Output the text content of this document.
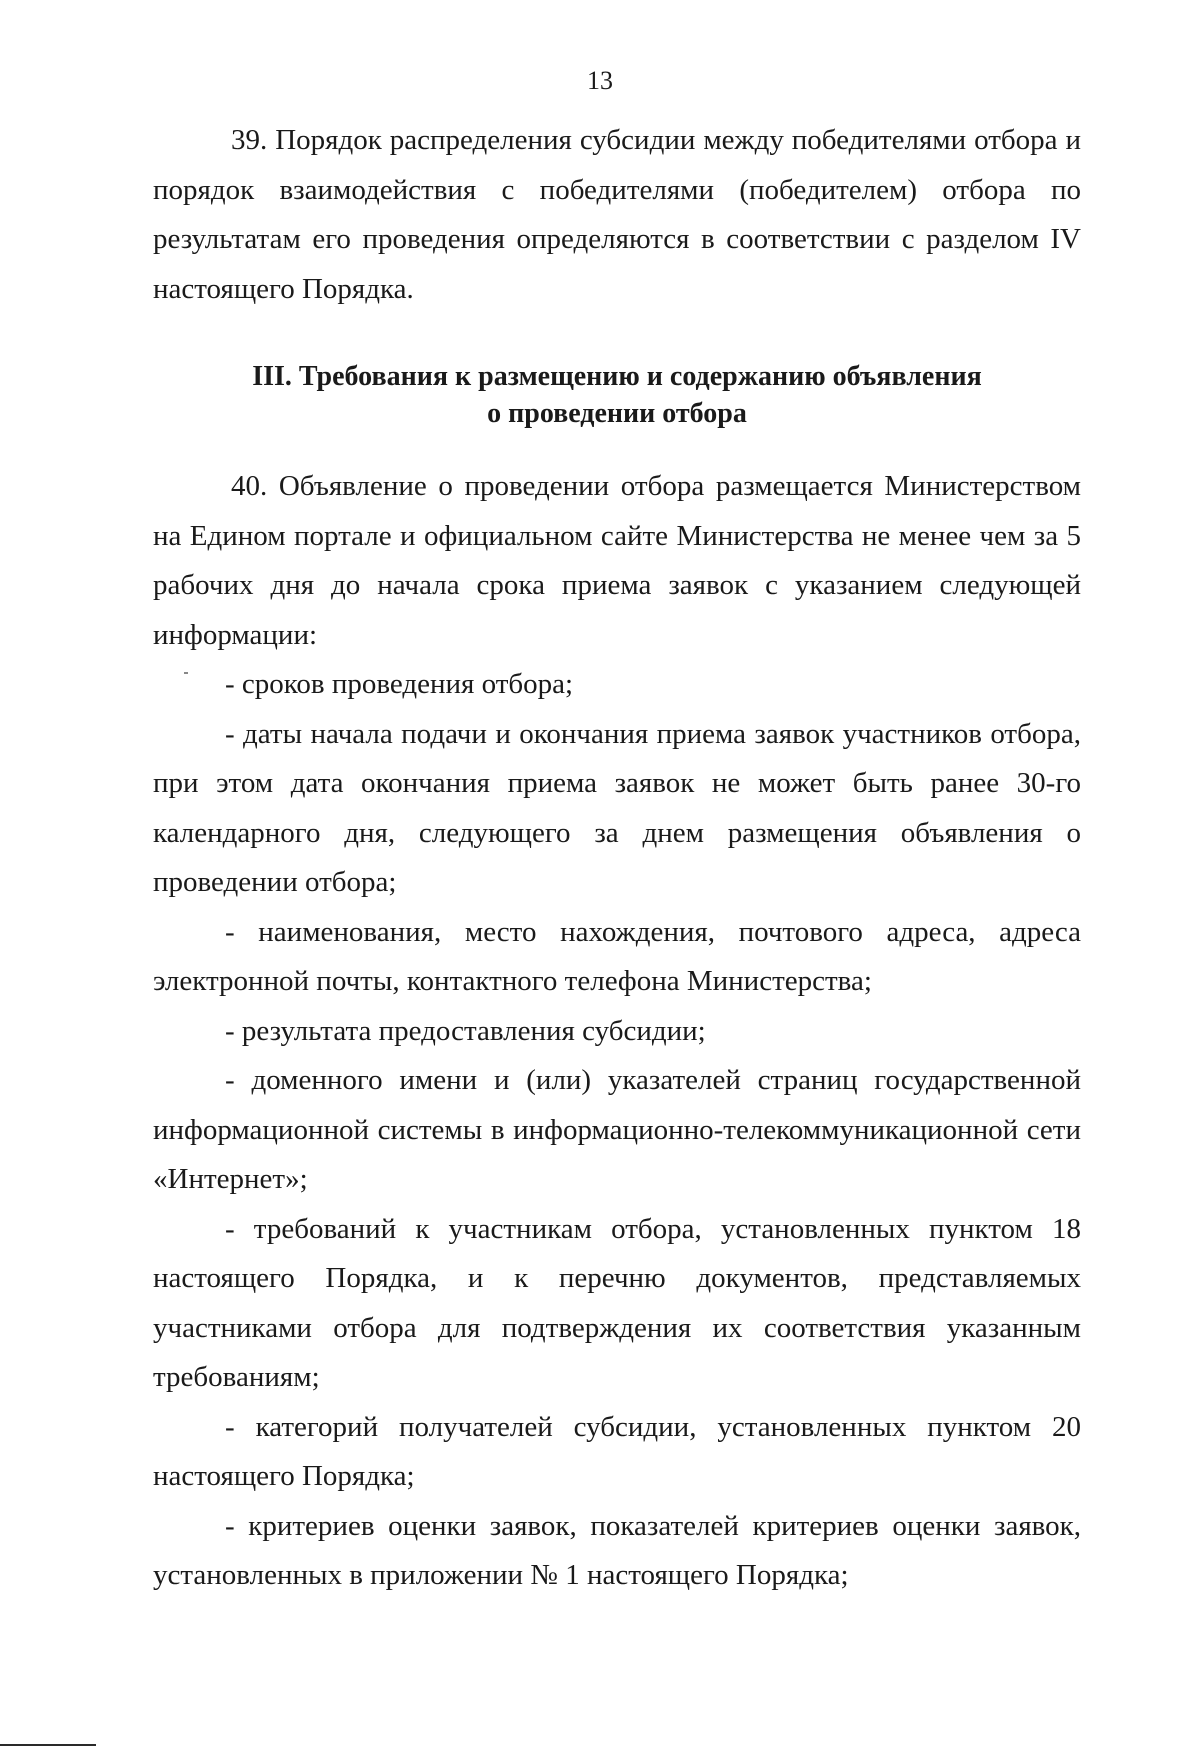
13

39. Порядок распределения субсидии между победителями отбора и порядок взаимодействия с победителями (победителем) отбора по результатам его проведения определяются в соответствии с разделом IV настоящего Порядка.

III. Требования к размещению и содержанию объявления
о проведении отбора

40. Объявление о проведении отбора размещается Министерством на Едином портале и официальном сайте Министерства не менее чем за 5 рабочих дня до начала срока приема заявок с указанием следующей информации:

- сроков проведения отбора;

- даты начала подачи и окончания приема заявок участников отбора, при этом дата окончания приема заявок не может быть ранее 30-го календарного дня, следующего за днем размещения объявления о проведении отбора;

- наименования, место нахождения, почтового адреса, адреса электронной почты, контактного телефона Министерства;

- результата предоставления субсидии;

- доменного имени и (или) указателей страниц государственной информационной системы в информационно-телекоммуникационной сети «Интернет»;

- требований к участникам отбора, установленных пунктом 18 настоящего Порядка, и к перечню документов, представляемых участниками отбора для подтверждения их соответствия указанным требованиям;

- категорий получателей субсидии, установленных пунктом 20 настоящего Порядка;

- критериев оценки заявок, показателей критериев оценки заявок, установленных в приложении № 1 настоящего Порядка;
